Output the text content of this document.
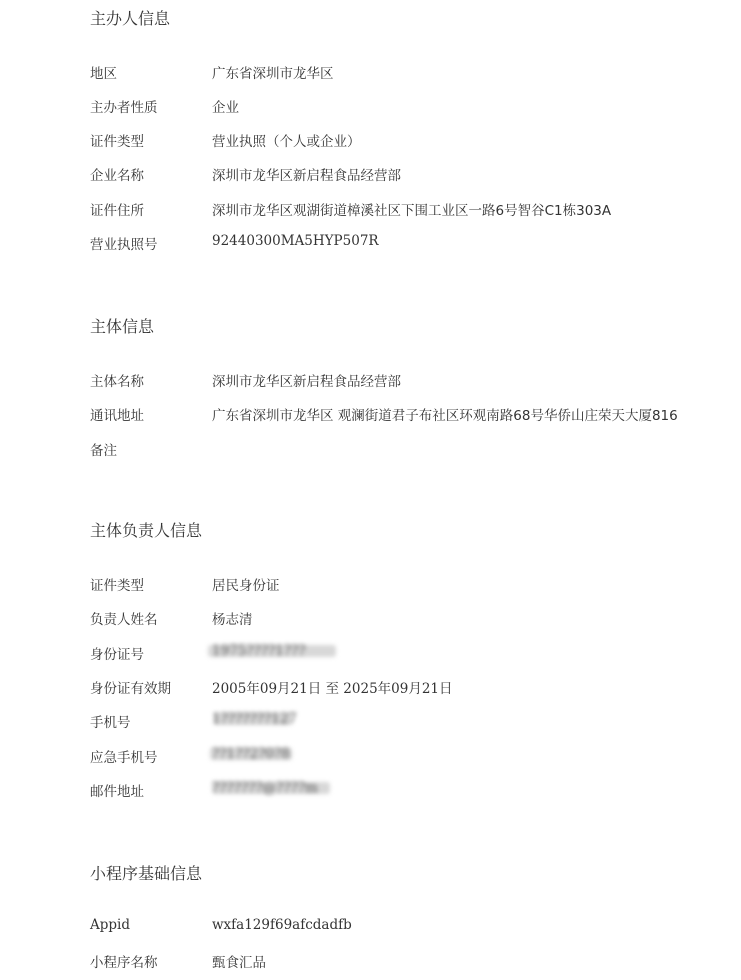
主办人信息
地区	广东省深圳市龙华区
主办者性质	企业
证件类型	营业执照（个人或企业）
企业名称	深圳市龙华区新启程食品经营部
证件住所	深圳市龙华区观湖街道樟溪社区下围工业区一路6号智谷C1栋303A
营业执照号	92440300MA5HYP507R
主体信息
主体名称	深圳市龙华区新启程食品经营部
通讯地址	广东省深圳市龙华区 观澜街道君子布社区环观南路68号华侨山庄荣天大厦816
备注
主体负责人信息
证件类型	居民身份证
负责人姓名	杨志清
身份证号	1975????1???
身份证有效期	2005年09月21日 至 2025年09月21日
手机号	1???????127
应急手机号	??1??2?0?8
邮件地址	???????@????m
小程序基础信息
Appid	wxfa129f69afcdadfb
小程序名称	甄食汇品
